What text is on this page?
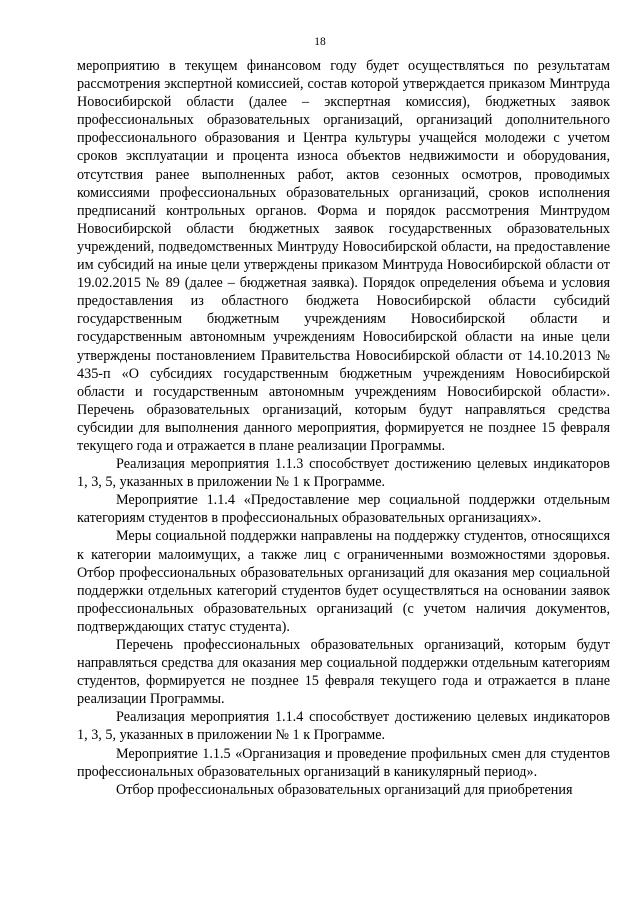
18

мероприятию в текущем финансовом году будет осуществляться по результатам рассмотрения экспертной комиссией, состав которой утверждается приказом Минтруда Новосибирской области (далее – экспертная комиссия), бюджетных заявок профессиональных образовательных организаций, организаций дополнительного профессионального образования и Центра культуры учащейся молодежи с учетом сроков эксплуатации и процента износа объектов недвижимости и оборудования, отсутствия ранее выполненных работ, актов сезонных осмотров, проводимых комиссиями профессиональных образовательных организаций, сроков исполнения предписаний контрольных органов. Форма и порядок рассмотрения Минтрудом Новосибирской области бюджетных заявок государственных образовательных учреждений, подведомственных Минтруду Новосибирской области, на предоставление им субсидий на иные цели утверждены приказом Минтруда Новосибирской области от 19.02.2015 № 89 (далее – бюджетная заявка). Порядок определения объема и условия предоставления из областного бюджета Новосибирской области субсидий государственным бюджетным учреждениям Новосибирской области и государственным автономным учреждениям Новосибирской области на иные цели утверждены постановлением Правительства Новосибирской области от 14.10.2013 № 435-п «О субсидиях государственным бюджетным учреждениям Новосибирской области и государственным автономным учреждениям Новосибирской области». Перечень образовательных организаций, которым будут направляться средства субсидии для выполнения данного мероприятия, формируется не позднее 15 февраля текущего года и отражается в плане реализации Программы.

Реализация мероприятия 1.1.3 способствует достижению целевых индикаторов 1, 3, 5, указанных в приложении № 1 к Программе.

Мероприятие 1.1.4 «Предоставление мер социальной поддержки отдельным категориям студентов в профессиональных образовательных организациях».

Меры социальной поддержки направлены на поддержку студентов, относящихся к категории малоимущих, а также лиц с ограниченными возможностями здоровья. Отбор профессиональных образовательных организаций для оказания мер социальной поддержки отдельных категорий студентов будет осуществляться на основании заявок профессиональных образовательных организаций (с учетом наличия документов, подтверждающих статус студента).

Перечень профессиональных образовательных организаций, которым будут направляться средства для оказания мер социальной поддержки отдельным категориям студентов, формируется не позднее 15 февраля текущего года и отражается в плане реализации Программы.

Реализация мероприятия 1.1.4 способствует достижению целевых индикаторов 1, 3, 5, указанных в приложении № 1 к Программе.

Мероприятие 1.1.5 «Организация и проведение профильных смен для студентов профессиональных образовательных организаций в каникулярный период».

Отбор профессиональных образовательных организаций для приобретения
